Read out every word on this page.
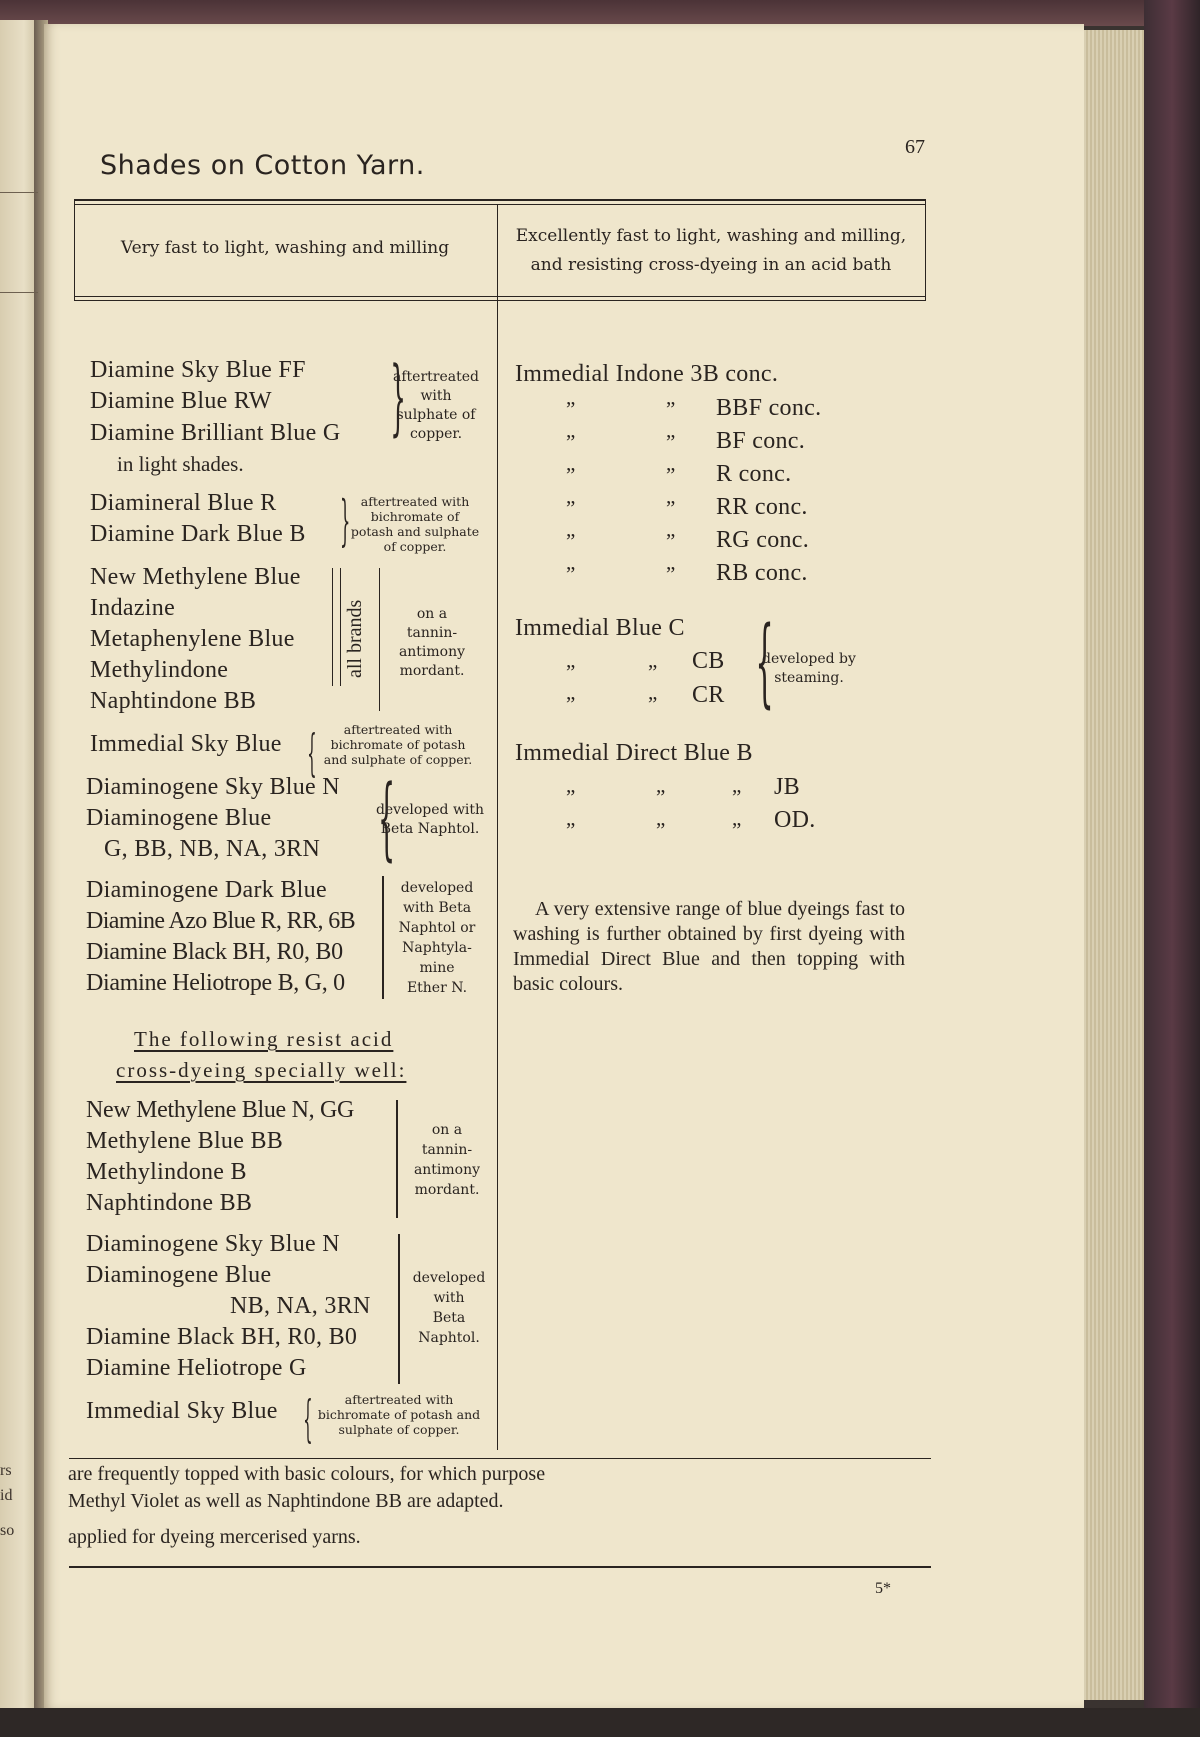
rs
id
so
Shades on Cotton Yarn.
67
Very fast to light, washing and milling
Excellently fast to light, washing and milling,
and resisting cross-dyeing in an acid bath
Diamine Sky Blue FF
Diamine Blue RW
Diamine Brilliant Blue G
in light shades.
}
aftertreated
with
sulphate of
copper.
Diamineral Blue R
Diamine Dark Blue B } aftertreated with
bichromate of
potash and sulphate
of copper.
New Methylene Blue
Indazine
Metaphenylene Blue
Methylindone
Naphtindone BB
all brands	on a
tannin-
antimony
mordant.
Immedial Sky Blue {	aftertreated with
bichromate of potash
and sulphate of copper.
Diaminogene Sky Blue N
Diaminogene Blue
G, BB, NB, NA, 3RN {
developed with
Beta Naphtol.
Diaminogene Dark Blue
Diamine Azo Blue R, RR, 6B
Diamine Black BH, R0, B0
Diamine Heliotrope B, G, 0
developed
with Beta
Naphtol or
Naphtyla-
mine
Ether N.
The following resist acid
cross-dyeing specially well:
New Methylene Blue N, GG
Methylene Blue BB
Methylindone B
Naphtindone BB
on a
tannin-
antimony
mordant.
Diaminogene Sky Blue N
Diaminogene Blue
NB, NA, 3RN
Diamine Black BH, R0, B0
Diamine Heliotrope G
developed
with
Beta
Naphtol.
Immedial Sky Blue {	aftertreated with
bichromate of potash and
sulphate of copper.
Immedial Indone 3B conc.
”	” BBF conc.
”	” BF conc.
”	” R conc.
”	” RR conc.
”	” RG conc.
”	” RB conc.
Immedial Blue C
”	” CB
”	” CR {
developed by
steaming.
Immedial Direct Blue B
”	”	” JB
”	”	” OD.
A very extensive range of blue dyeings fast to washing is further obtained by first dyeing with Immedial Direct Blue and then topping with basic colours.
are frequently topped with basic colours, for which purpose
Methyl Violet as well as Naphtindone BB are adapted.
applied for dyeing mercerised yarns.
5*
